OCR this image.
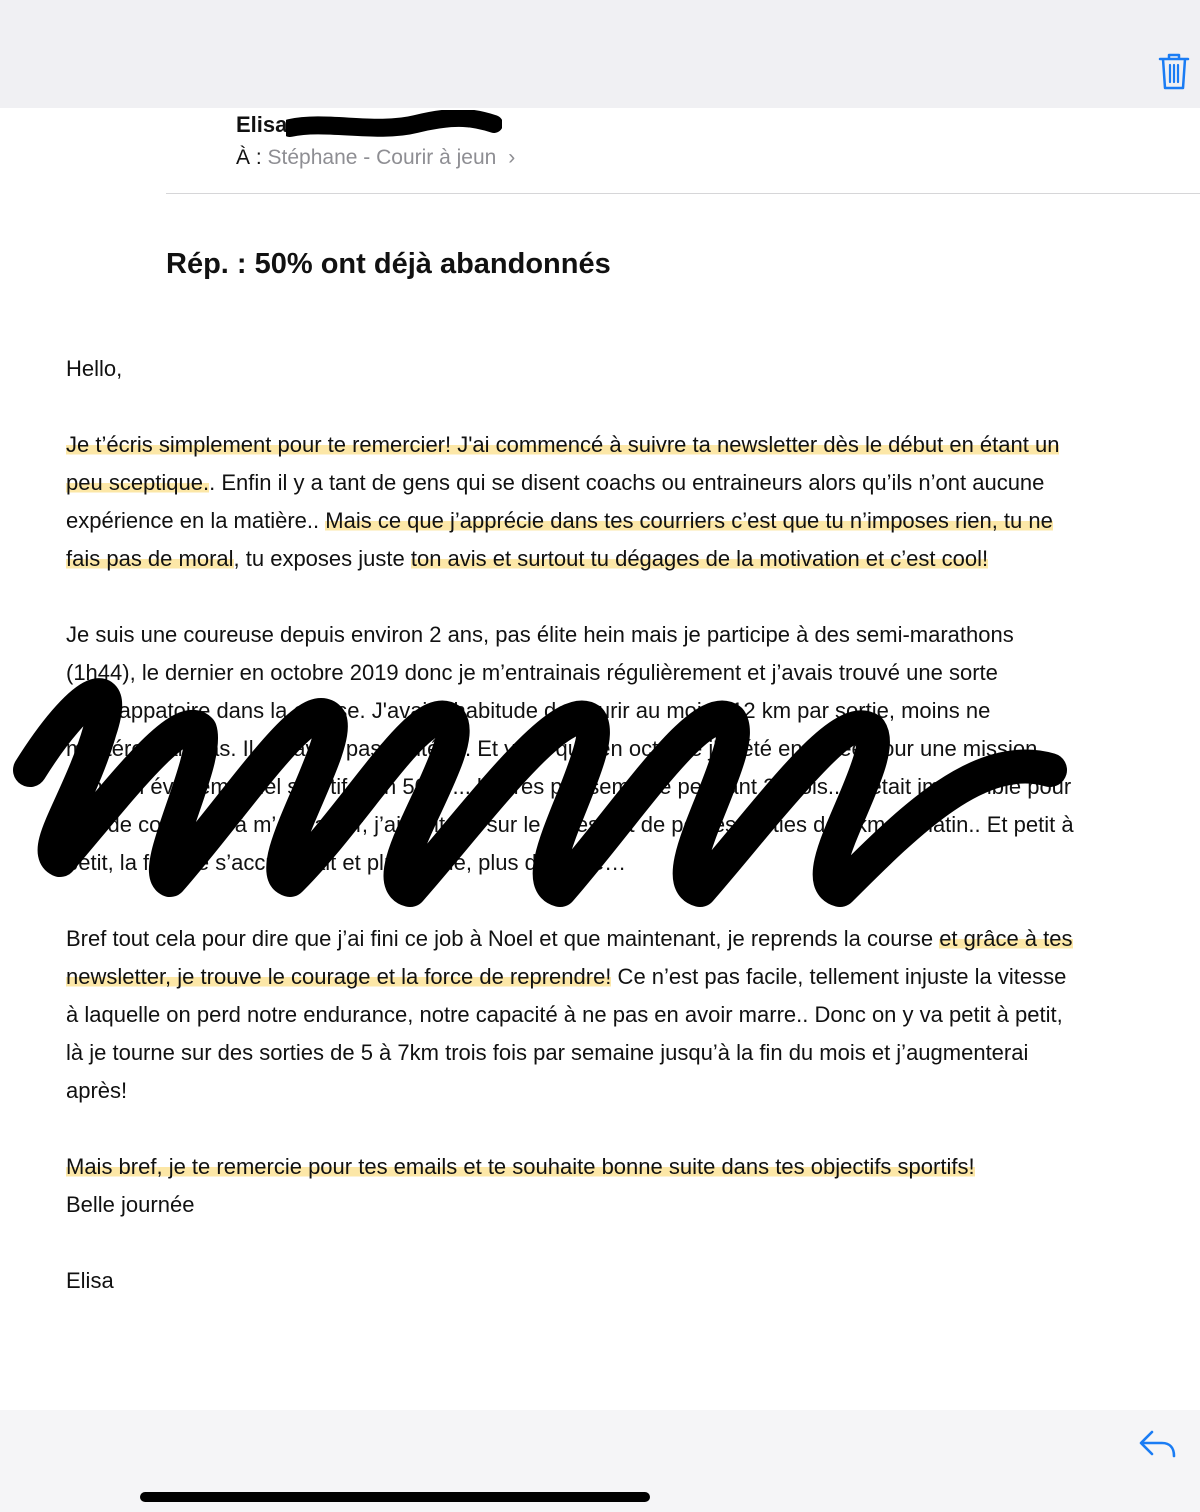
Elisa
À : Stéphane - Courir à jeun ›
Rép. : 50% ont déjà abandonnés

Hello,

Je t’écris simplement pour te remercier! J'ai commencé à suivre ta newsletter dès le début en étant un peu sceptique.. Enfin il y a tant de gens qui se disent coachs ou entraineurs alors qu’ils n’ont aucune expérience en la matière.. Mais ce que j’apprécie dans tes courriers c’est que tu n’imposes rien, tu ne fais pas de moral, tu exposes juste ton avis et surtout tu dégages de la motivation et c’est cool!

Je suis une coureuse depuis environ 2 ans, pas élite hein mais je participe à des semi-marathons (1h44), le dernier en octobre 2019 donc je m’entrainais régulièrement et j’avais trouvé une sorte d’échappatoire dans la course. J'avais l'habitude de courir au moins 12 km par sortie, moins ne m'intéressait pas. Il n'y avait pas d'intérêt. Et voilà que en octobre j’ai été engagée pour une mission dans un événementiel sportif à un 50% ... heures par semaine pendant 2 mois... Il était impossible pour moi de continuer à m’entrainer, j’ai switché sur le fitness et de petites sorties de 8km le matin.. Et petit à petit, la fatigue s’accumulait et plus envie, plus de force…

Bref tout cela pour dire que j’ai fini ce job à Noel et que maintenant, je reprends la course et grâce à tes newsletter, je trouve le courage et la force de reprendre! Ce n’est pas facile, tellement injuste la vitesse à laquelle on perd notre endurance, notre capacité à ne pas en avoir marre.. Donc on y va petit à petit, là je tourne sur des sorties de 5 à 7km trois fois par semaine jusqu’à la fin du mois et j’augmenterai après!

Mais bref, je te remercie pour tes emails et te souhaite bonne suite dans tes objectifs sportifs!

Belle journée

Elisa
